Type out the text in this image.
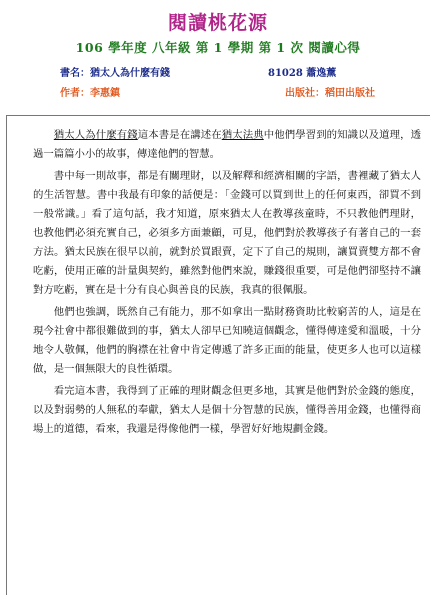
閱讀桃花源
106 學年度 八年級 第 1 學期 第 1 次 閱讀心得
書名：猶太人為什麼有錢	81028 蕭逸薰
作者：李惠鎮	出版社：稻田出版社

猶太人為什麼有錢這本書是在講述在猶太法典中他們學習到的知識以及道理，透過一篇篇小小的故事，傳達他們的智慧。

書中每一則故事，都是有關理財，以及解釋和經濟相關的字語，書裡藏了猶太人的生活智慧。書中我最有印象的話便是：「金錢可以買到世上的任何東西，卻買不到一般常識。」看了這句話，我才知道，原來猶太人在教導孩童時，不只教他們理財，也教他們必須充實自己，必須多方面兼顧，可見，他們對於教導孩子有著自己的一套方法。猶太民族在很早以前，就對於買跟賣，定下了自己的規則，讓買賣雙方都不會吃虧，使用正確的計量與契約，雖然對他們來說，賺錢很重要，可是他們卻堅持不讓對方吃虧，實在是十分有良心與善良的民族，我真的很佩服。

他們也強調，既然自己有能力，那不如拿出一點財務資助比較窮苦的人，這是在現今社會中都很難做到的事，猶太人卻早已知曉這個觀念，懂得傳達愛和溫暖，十分地令人敬佩，他們的胸襟在社會中肯定傳遞了許多正面的能量，使更多人也可以這樣做，是一個無限大的良性循環。

看完這本書，我得到了正確的理財觀念但更多地，其實是他們對於金錢的態度，以及對弱勢的人無私的奉獻，猶太人是個十分智慧的民族，懂得善用金錢，也懂得商場上的道德，看來，我還是得像他們一樣，學習好好地規劃金錢。
